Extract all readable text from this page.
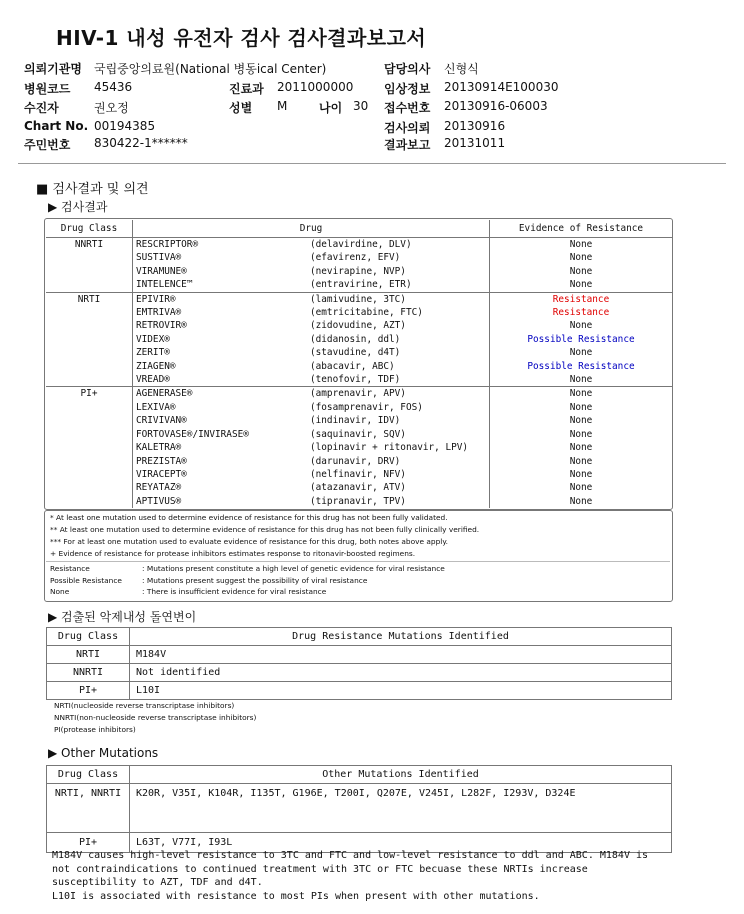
HIV-1 내성 유전자 검사 검사결과보고서
의뢰기관명 국립중앙의료원(National 병동ical Center)
병원코드 45436
수진자	권오정
Chart No. 00194385
주민번호 830422-1******
진료과 2011000000
성별 M	나이 30
담당의사 신형식
임상정보 20130914E100030
접수번호 20130916-06003
검사의뢰 20130916
결과보고 20131011
■ 검사결과 및 의견
▶ 검사결과
Drug Class	Drug		Evidence of Resistance
NNRTI	RESCRIPTOR®	(delavirdine, DLV)	None
	SUSTIVA®	(efavirenz, EFV)	None
	VIRAMUNE®	(nevirapine, NVP)	None
	INTELENCE™	(entravirine, ETR)	None
NRTI	EPIVIR®	(lamivudine, 3TC)	Resistance
	EMTRIVA®	(emtricitabine, FTC)	Resistance
	RETROVIR®	(zidovudine, AZT)	None
	VIDEX®	(didanosin, ddl)	Possible Resistance
	ZERIT®	(stavudine, d4T)	None
	ZIAGEN®	(abacavir, ABC)	Possible Resistance
	VREAD®	(tenofovir, TDF)	None
PI+	AGENERASE®	(amprenavir, APV)	None
	LEXIVA®	(fosamprenavir, FOS)	None
	CRIVIVAN®	(indinavir, IDV)	None
	FORTOVASE®/INVIRASE®	(saquinavir, SQV)	None
	KALETRA®	(lopinavir + ritonavir, LPV)	None
	PREZISTA®	(darunavir, DRV)	None
	VIRACEPT®	(nelfinavir, NFV)	None
	REYATAZ®	(atazanavir, ATV)	None
	APTIVUS®	(tipranavir, TPV)	None
* At least one mutation used to determine evidence of resistance for this drug has not been fully validated.
** At least one mutation used to determine evidence of resistance for this drug has not been fully clinically verified.
*** For at least one mutation used to evaluate evidence of resistance for this drug, both notes above apply.
+ Evidence of resistance for protease inhibitors estimates response to ritonavir-boosted regimens.
Resistance	: Mutations present constitute a high level of genetic evidence for viral resistance
Possible Resistance	: Mutations present suggest the possibility of viral resistance
None	: There is insufficient evidence for viral resistance
▶ 검출된 악제내성 돌연변이
Drug Class	Drug Resistance Mutations Identified
NRTI	M184V
NNRTI	Not identified
PI+	L10I
NRTI(nucleoside reverse transcriptase inhibitors)
NNRTI(non-nucleoside reverse transcriptase inhibitors)
PI(protease inhibitors)
▶ Other Mutations
Drug Class	Other Mutations Identified
NRTI, NNRTI	K20R, V35I, K104R, I135T, G196E, T200I, Q207E, V245I, L282F, I293V, D324E
PI+	L63T, V77I, I93L
M184V causes high-level resistance to 3TC and FTC and low-level resistance to ddl and ABC. M184V is not contraindications to continued treatment with 3TC or FTC becuase these NRTIs increase susceptibility to AZT, TDF and d4T.
L10I is associated with resistance to most PIs when present with other mutations.
